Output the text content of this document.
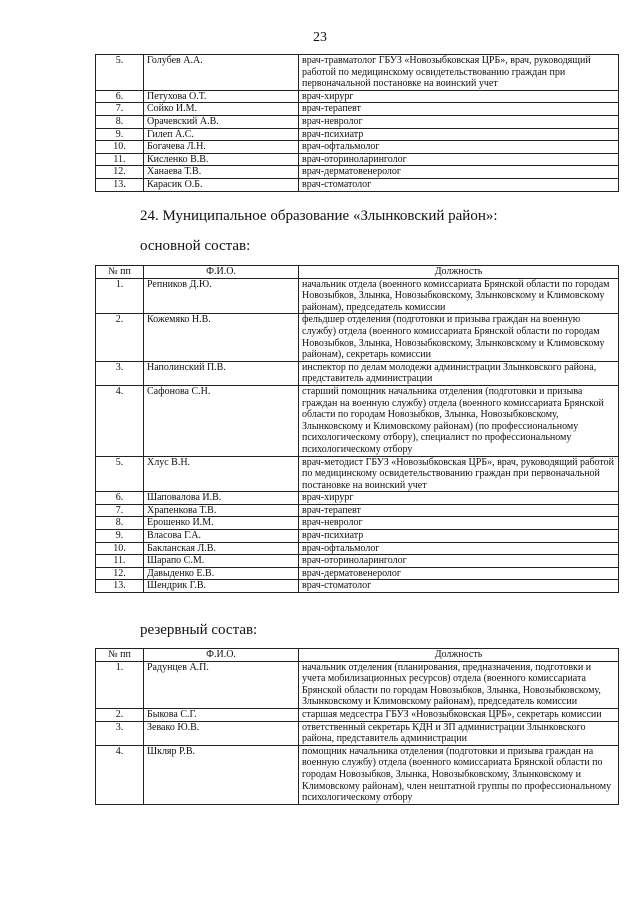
23
5.	Голубев А.А.	врач-травматолог ГБУЗ «Новозыбковская ЦРБ», врач, руководящий работой по медицинскому освидетельствованию граждан при первоначальной постановке на воинский учет
6.	Петухова О.Т.	врач-хирург
7.	Сойко И.М.	врач-терапевт
8.	Орачевский А.В.	врач-невролог
9.	Гилеп А.С.	врач-психиатр
10.	Богачева Л.Н.	врач-офтальмолог
11.	Кисленко В.В.	врач-оториноларинголог
12.	Ханаева Т.В.	врач-дерматовенеролог
13.	Карасик О.Б.	врач-стоматолог
24. Муниципальное образование «Злынковский район»:
основной состав:
№ пп	Ф.И.О.	Должность
1.	Репников Д.Ю.	начальник отдела (военного комиссариата Брянской области по городам Новозыбков, Злынка, Новозыбковскому, Злынковскому и Климовскому районам), председатель комиссии
2.	Кожемяко Н.В.	фельдшер отделения (подготовки и призыва граждан на военную службу) отдела (военного комиссариата Брянской области по городам Новозыбков, Злынка, Новозыбковскому, Злынковскому и Климовскому районам), секретарь комиссии
3.	Наполинский П.В.	инспектор по делам молодежи администрации Злынковского района, представитель администрации
4.	Сафонова С.Н.	старший помощник начальника отделения (подготовки и призыва граждан на военную службу) отдела (военного комиссариата Брянской области по городам Новозыбков, Злынка, Новозыбковскому, Злынковскому и Климовскому районам) (по профессиональному психологическому отбору), специалист по профессиональному психологическому отбору
5.	Хлус В.Н.	врач-методист ГБУЗ «Новозыбковская ЦРБ», врач, руководящий работой по медицинскому освидетельствованию граждан при первоначальной постановке на воинский учет
6.	Шаповалова И.В.	врач-хирург
7.	Храпенкова Т.В.	врач-терапевт
8.	Ерошенко И.М.	врач-невролог
9.	Власова Г.А.	врач-психиатр
10.	Бакланская Л.В.	врач-офтальмолог
11.	Шарапо С.М.	врач-оториноларинголог
12.	Давыденко Е.В.	врач-дерматовенеролог
13.	Шендрик Г.В.	врач-стоматолог
резервный состав:
№ пп	Ф.И.О.	Должность
1.	Радунцев А.П.	начальник отделения (планирования, предназначения, подготовки и учета мобилизационных ресурсов) отдела (военного комиссариата Брянской области по городам Новозыбков, Злынка, Новозыбковскому, Злынковскому и Климовскому районам), председатель комиссии
2.	Быкова С.Г.	старшая медсестра ГБУЗ «Новозыбковская ЦРБ», секретарь комиссии
3.	Зевако Ю.В.	ответственный секретарь КДН и ЗП администрации Злынковского района, представитель администрации
4.	Шкляр Р.В.	помощник начальника отделения (подготовки и призыва граждан на военную службу) отдела (военного комиссариата Брянской области по городам Новозыбков, Злынка, Новозыбковскому, Злынковскому и Климовскому районам), член нештатной группы по профессиональному психологическому отбору
